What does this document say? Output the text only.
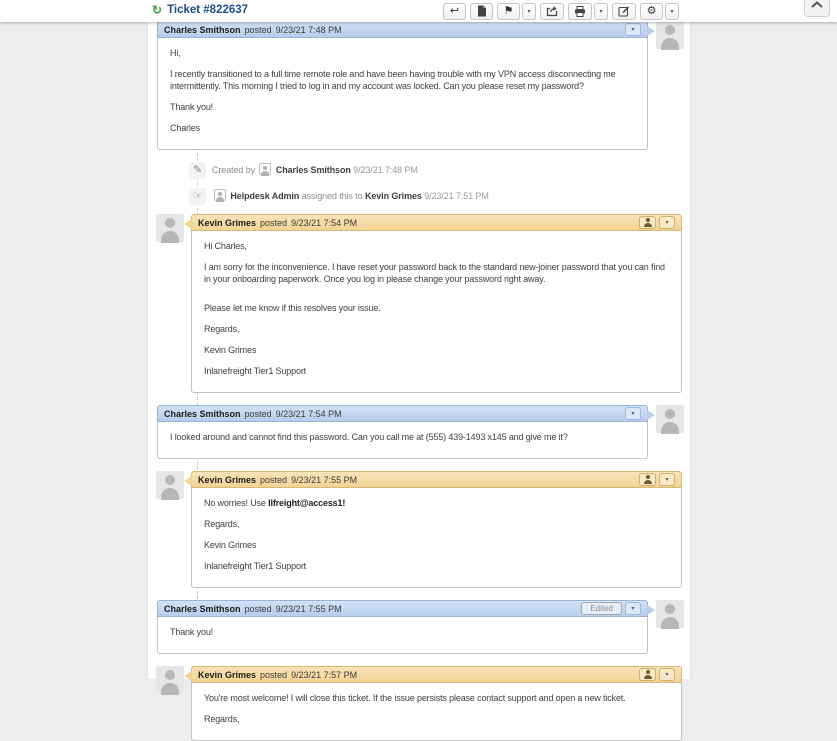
↻ Ticket #822637	↩	⚑ ▾	▾	⚙ ▾
Charles Smithson posted 9/23/21 7:48 PM	▾

Hi,

I recently transitioned to a full time remote role and have been having trouble with my VPN access disconnecting me intermittently. This morning I tried to log in and my account was locked. Can you please reset my password?

Thank you!

Charles

✎	Created by Charles Smithson 9/23/21 7:48 PM
☞	Helpdesk Admin assigned this to Kevin Grimes 9/23/21 7:51 PM
Kevin Grimes posted 9/23/21 7:54 PM	▾

Hi Charles,

I am sorry for the inconvenience. I have reset your password back to the standard new-joiner password that you can find in your onboarding paperwork. Once you log in please change your password right away.

Please let me know if this resolves your issue.

Regards,

Kevin Grimes

Inlanefreight Tier1 Support

Charles Smithson posted 9/23/21 7:54 PM	▾

I looked around and cannot find this password. Can you call me at (555) 439-1493 x145 and give me it?

Kevin Grimes posted 9/23/21 7:55 PM	▾

No worries! Use Ilfreight@access1!

Regards,

Kevin Grimes

Inlanefreight Tier1 Support

Charles Smithson posted 9/23/21 7:55 PM	Edited	▾

Thank you!

Kevin Grimes posted 9/23/21 7:57 PM	▾

You're most welcome! I will close this ticket. If the issue persists please contact support and open a new ticket.

Regards,
